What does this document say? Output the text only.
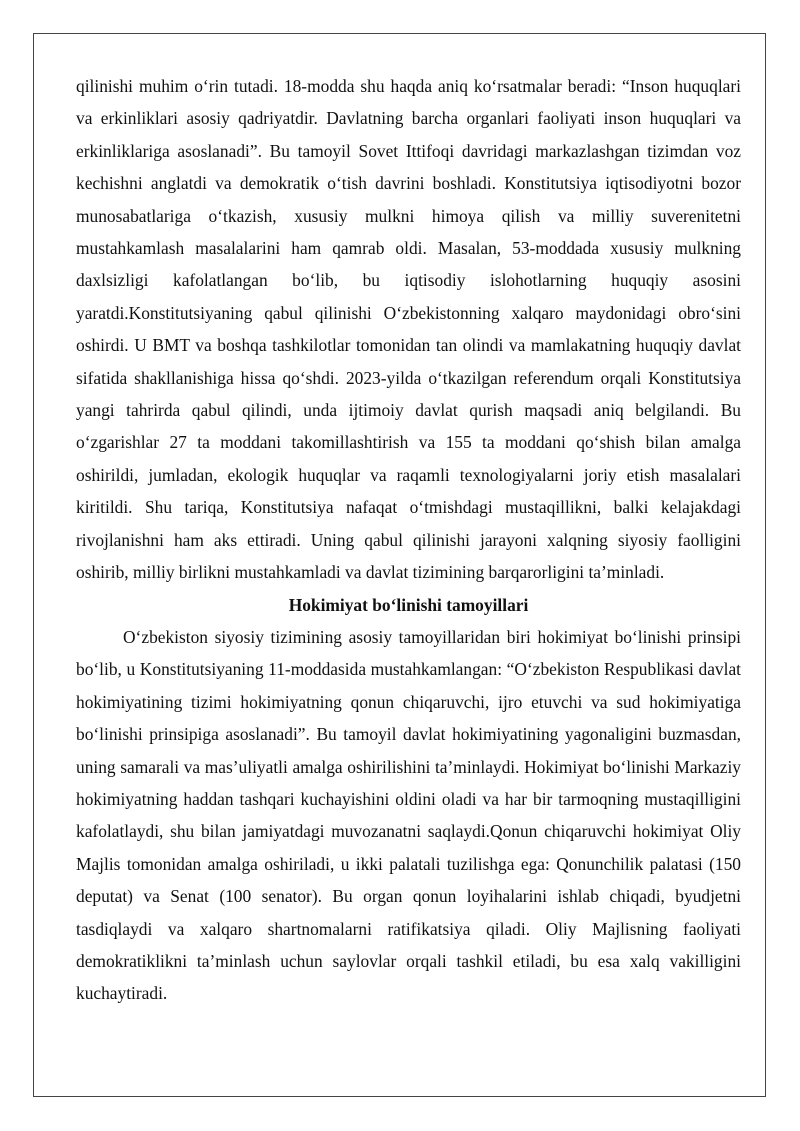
qilinishi muhim o‘rin tutadi. 18-modda shu haqda aniq ko‘rsatmalar beradi: “Inson huquqlari va erkinliklari asosiy qadriyatdir. Davlatning barcha organlari faoliyati inson huquqlari va erkinliklariga asoslanadi”. Bu tamoyil Sovet Ittifoqi davridagi markazlashgan tizimdan voz kechishni anglatdi va demokratik o‘tish davrini boshladi. Konstitutsiya iqtisodiyotni bozor munosabatlariga o‘tkazish, xususiy mulkni himoya qilish va milliy suverenitetni mustahkamlash masalalarini ham qamrab oldi. Masalan, 53-moddada xususiy mulkning daxlsizligi kafolatlangan bo‘lib, bu iqtisodiy islohotlarning huquqiy asosini yaratdi.Konstitutsiyaning qabul qilinishi O‘zbekistonning xalqaro maydonidagi obro‘sini oshirdi. U BMT va boshqa tashkilotlar tomonidan tan olindi va mamlakatning huquqiy davlat sifatida shakllanishiga hissa qo‘shdi. 2023-yilda o‘tkazilgan referendum orqali Konstitutsiya yangi tahrirda qabul qilindi, unda ijtimoiy davlat qurish maqsadi aniq belgilandi. Bu o‘zgarishlar 27 ta moddani takomillashtirish va 155 ta moddani qo‘shish bilan amalga oshirildi, jumladan, ekologik huquqlar va raqamli texnologiyalarni joriy etish masalalari kiritildi. Shu tariqa, Konstitutsiya nafaqat o‘tmishdagi mustaqillikni, balki kelajakdagi rivojlanishni ham aks ettiradi. Uning qabul qilinishi jarayoni xalqning siyosiy faolligini oshirib, milliy birlikni mustahkamladi va davlat tizimining barqarorligini ta’minladi.

Hokimiyat bo‘linishi tamoyillari

O‘zbekiston siyosiy tizimining asosiy tamoyillaridan biri hokimiyat bo‘linishi prinsipi bo‘lib, u Konstitutsiyaning 11-moddasida mustahkamlangan: “O‘zbekiston Respublikasi davlat hokimiyatining tizimi hokimiyatning qonun chiqaruvchi, ijro etuvchi va sud hokimiyatiga bo‘linishi prinsipiga asoslanadi”. Bu tamoyil davlat hokimiyatining yagonaligini buzmasdan, uning samarali va mas’uliyatli amalga oshirilishini ta’minlaydi. Hokimiyat bo‘linishi Markaziy hokimiyatning haddan tashqari kuchayishini oldini oladi va har bir tarmoqning mustaqilligini kafolatlaydi, shu bilan jamiyatdagi muvozanatni saqlaydi.Qonun chiqaruvchi hokimiyat Oliy Majlis tomonidan amalga oshiriladi, u ikki palatali tuzilishga ega: Qonunchilik palatasi (150 deputat) va Senat (100 senator). Bu organ qonun loyihalarini ishlab chiqadi, byudjetni tasdiqlaydi va xalqaro shartnomalarni ratifikatsiya qiladi. Oliy Majlisning faoliyati demokratiklikni ta’minlash uchun saylovlar orqali tashkil etiladi, bu esa xalq vakilligini kuchaytiradi.
